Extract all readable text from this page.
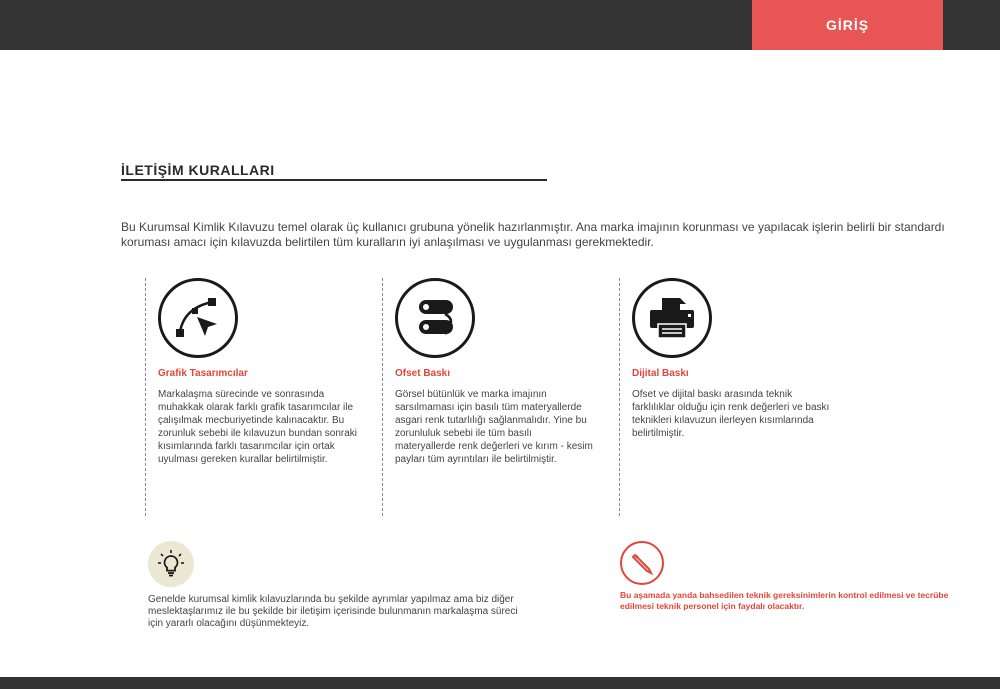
GİRİŞ
İLETİŞİM KURALLARI

Bu Kurumsal Kimlik Kılavuzu temel olarak üç kullanıcı grubuna yönelik hazırlanmıştır. Ana marka imajının korunması ve yapılacak işlerin belirli bir standardı koruması amacı için kılavuzda belirtilen tüm kuralların iyi anlaşılması ve uygulanması gerekmektedir.

Grafik Tasarımcılar
Markalaşma sürecinde ve sonrasında muhakkak olarak farklı grafik tasarımcılar ile çalışılmak mecburiyetinde kalınacaktır. Bu zorunluk sebebi ile kılavuzun bundan sonraki kısımlarında farklı tasarımcılar için ortak uyulması gereken kurallar belirtilmiştir.
Ofset Baskı
Görsel bütünlük ve marka imajının sarsılmaması için basılı tüm materyallerde asgari renk tutarlılığı sağlanmalıdır. Yine bu zorunluluk sebebi ile tüm basılı materyallerde renk değerleri ve kırım - kesim payları tüm ayrıntıları ile belirtilmiştir.
Dijital Baskı
Ofset ve dijital baskı arasında teknik farklılıklar olduğu için renk değerleri ve baskı teknikleri kılavuzun ilerleyen kısımlarında belirtilmiştir.

Genelde kurumsal kimlik kılavuzlarında bu şekilde ayrımlar yapılmaz ama biz diğer meslektaşlarımız ile bu şekilde bir iletişim içerisinde bulunmanın markalaşma süreci için yararlı olacağını düşünmekteyiz.

Bu aşamada yanda bahsedilen teknik gereksinimlerin kontrol edilmesi ve tecrübe edilmesi teknik personel için faydalı olacaktır.
